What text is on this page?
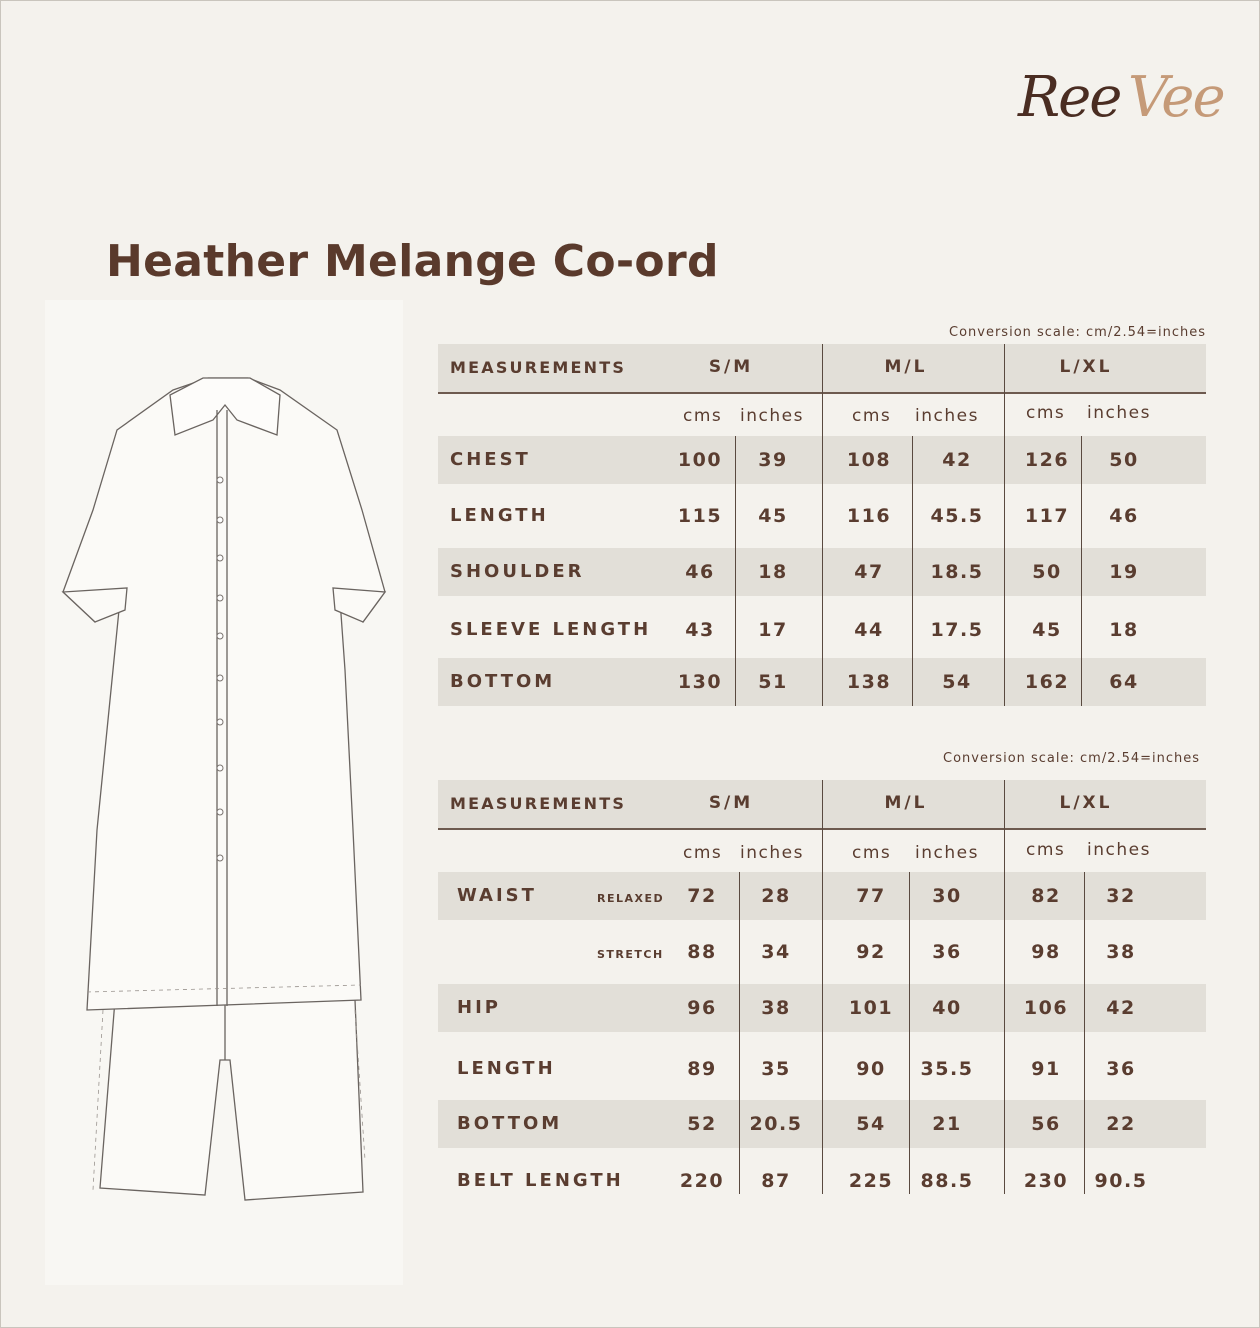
Ree Vee
Heather Melange Co-ord
Conversion scale: cm/2.54=inches
MEASUREMENTS	S/M	M/L	L/XL
cms inches	cms inches	cms inches
CHEST	100	39	108	42	126	50
LENGTH	115	45	116	45.5	117	46
SHOULDER	46	18	47	18.5	50	19
SLEEVE LENGTH	43	17	44	17.5	45	18
BOTTOM	130	51	138	54	162	64
Conversion scale: cm/2.54=inches
MEASUREMENTS	S/M	M/L	L/XL
cms inches	cms inches	cms inches
WAIST	RELAXED	72	28	77	30	82	32
STRETCH	88	34	92	36	98	38
HIP	96	38	101	40	106	42
LENGTH	89	35	90	35.5	91	36
BOTTOM	52	20.5	54	21	56	22
BELT LENGTH	220	87	225	88.5	230	90.5
